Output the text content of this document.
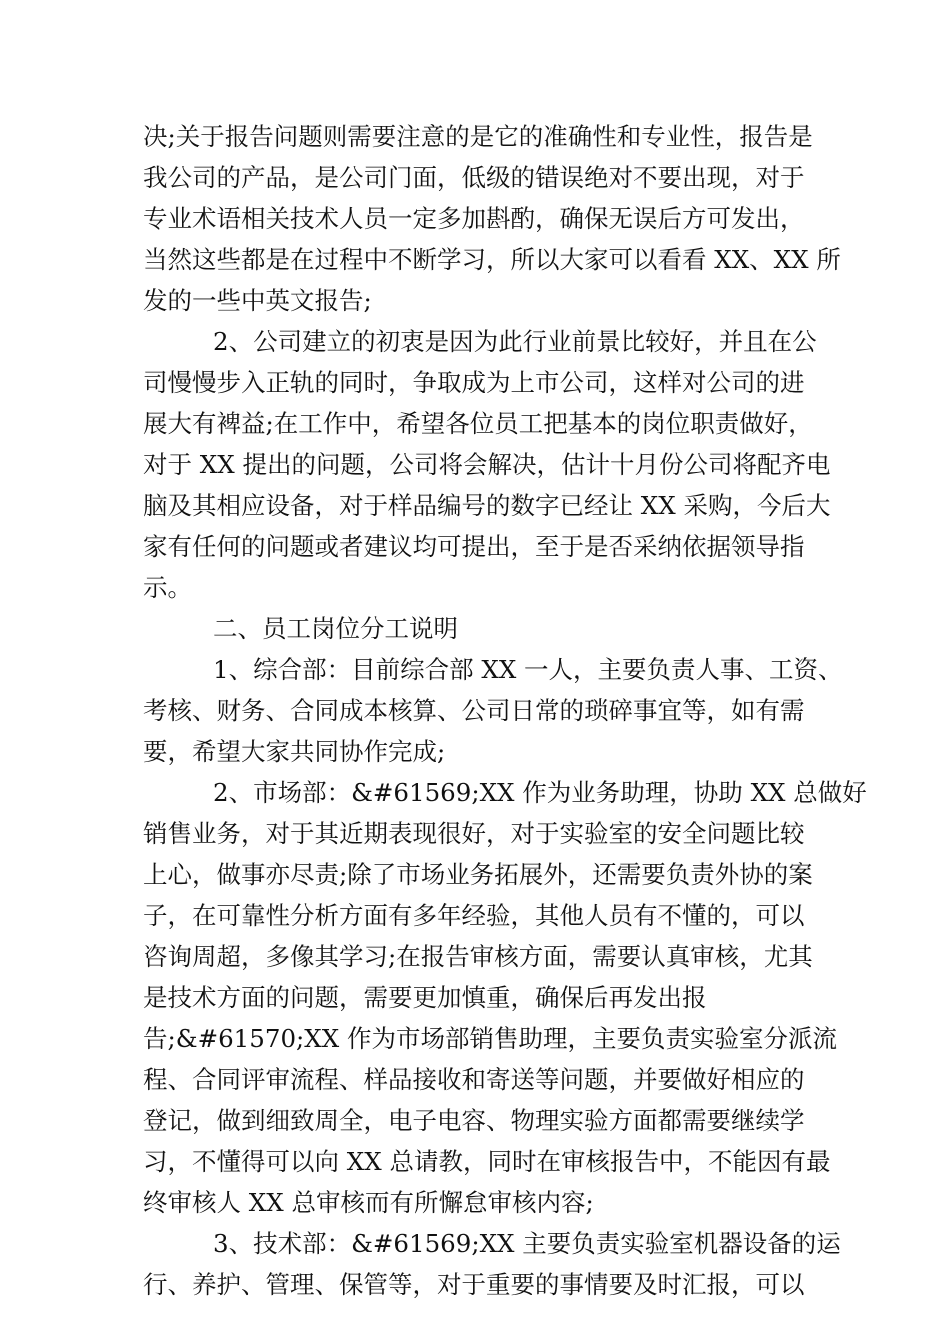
决;关于报告问题则需要注意的是它的准确性和专业性，报告是
我公司的产品，是公司门面，低级的错误绝对不要出现，对于
专业术语相关技术人员一定多加斟酌，确保无误后方可发出，
当然这些都是在过程中不断学习，所以大家可以看看 XX、XX 所
发的一些中英文报告;
2、公司建立的初衷是因为此行业前景比较好，并且在公
司慢慢步入正轨的同时，争取成为上市公司，这样对公司的进
展大有裨益;在工作中，希望各位员工把基本的岗位职责做好，
对于 XX 提出的问题，公司将会解决，估计十月份公司将配齐电
脑及其相应设备，对于样品编号的数字已经让 XX 采购，今后大
家有任何的问题或者建议均可提出，至于是否采纳依据领导指
示。
二、员工岗位分工说明
1、综合部：目前综合部 XX 一人，主要负责人事、工资、
考核、财务、合同成本核算、公司日常的琐碎事宜等，如有需
要，希望大家共同协作完成;
2、市场部：&#61569;XX 作为业务助理，协助 XX 总做好
销售业务，对于其近期表现很好，对于实验室的安全问题比较
上心，做事亦尽责;除了市场业务拓展外，还需要负责外协的案
子，在可靠性分析方面有多年经验，其他人员有不懂的，可以
咨询周超，多像其学习;在报告审核方面，需要认真审核，尤其
是技术方面的问题，需要更加慎重，确保后再发出报
告;&#61570;XX 作为市场部销售助理，主要负责实验室分派流
程、合同评审流程、样品接收和寄送等问题，并要做好相应的
登记，做到细致周全，电子电容、物理实验方面都需要继续学
习，不懂得可以向 XX 总请教，同时在审核报告中，不能因有最
终审核人 XX 总审核而有所懈怠审核内容;
3、技术部：&#61569;XX 主要负责实验室机器设备的运
行、养护、管理、保管等，对于重要的事情要及时汇报，可以
